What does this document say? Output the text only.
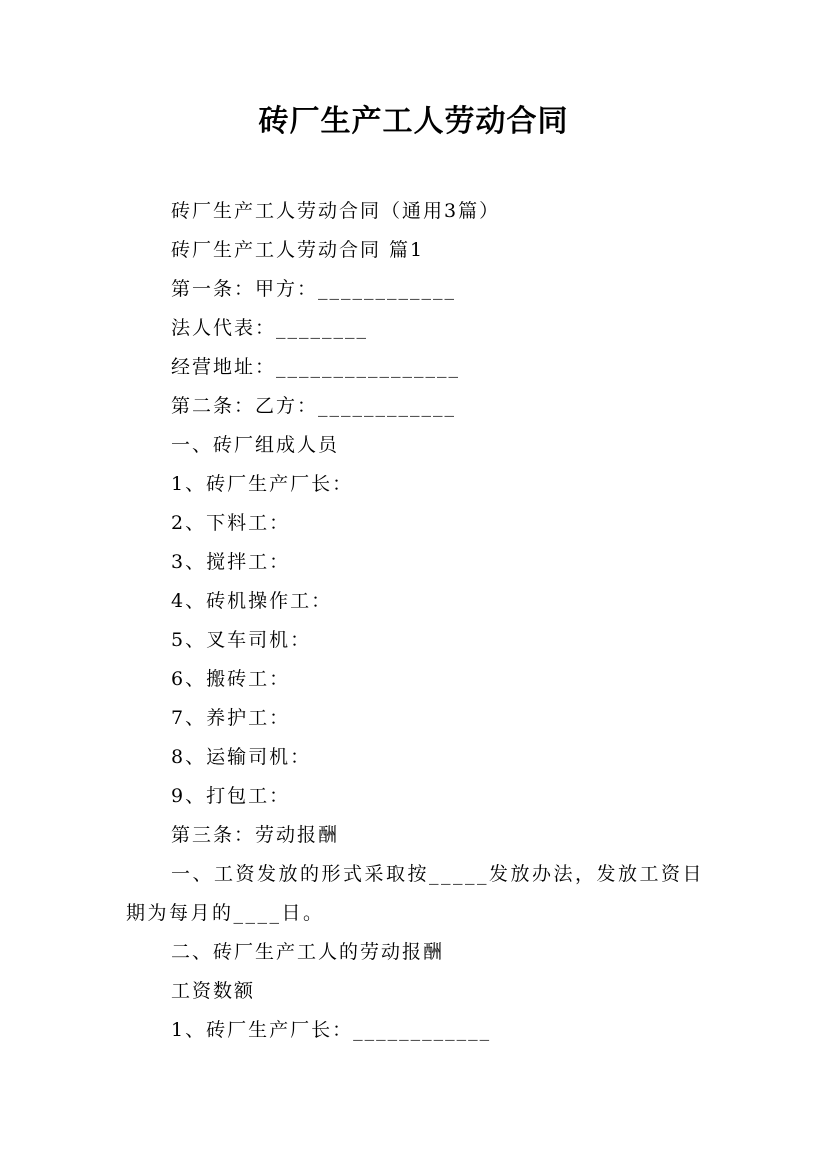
砖厂生产工人劳动合同
砖厂生产工人劳动合同（通用3篇）
砖厂生产工人劳动合同 篇1
第一条：甲方：____________
法人代表：________
经营地址：________________
第二条：乙方：____________
一、砖厂组成人员
1、砖厂生产厂长：
2、下料工：
3、搅拌工：
4、砖机操作工：
5、叉车司机：
6、搬砖工：
7、养护工：
8、运输司机：
9、打包工：
第三条：劳动报酬
一、工资发放的形式采取按_____发放办法，发放工资日期为每月的____日。
二、砖厂生产工人的劳动报酬
工资数额
1、砖厂生产厂长：____________
